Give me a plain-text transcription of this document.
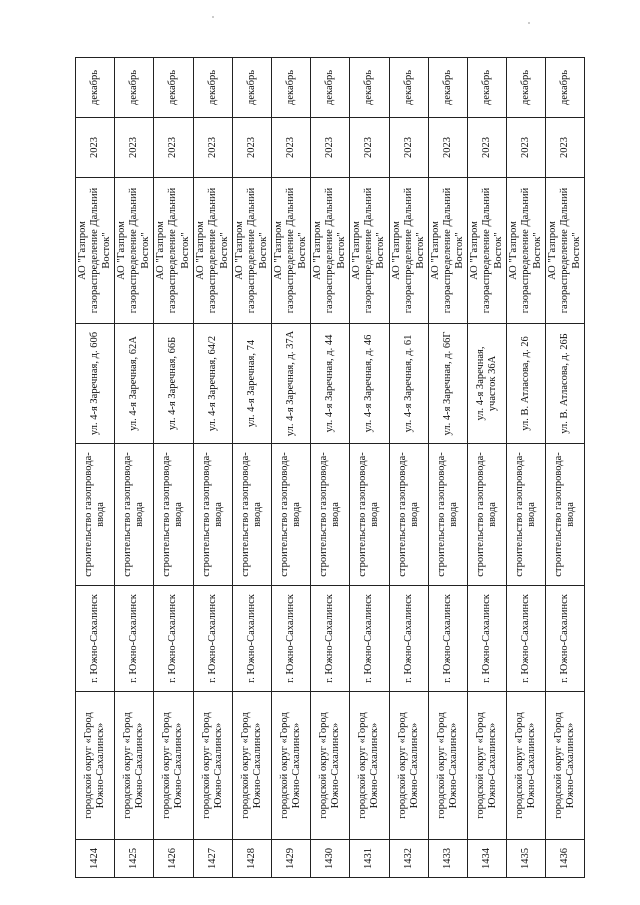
1424	городской округ «Город Южно-Сахалинск»	г. Южно-Сахалинск	строительство газопровода-ввода	ул. 4-я Заречная, д. 60б	АО "Газпром газораспределение Дальний Восток"	2023	декабрь
1425	городской округ «Город Южно-Сахалинск»	г. Южно-Сахалинск	строительство газопровода-ввода	ул. 4-я Заречная, 62А	АО "Газпром газораспределение Дальний Восток"	2023	декабрь
1426	городской округ «Город Южно-Сахалинск»	г. Южно-Сахалинск	строительство газопровода-ввода	ул. 4-я Заречная, 66Б	АО "Газпром газораспределение Дальний Восток"	2023	декабрь
1427	городской округ «Город Южно-Сахалинск»	г. Южно-Сахалинск	строительство газопровода-ввода	ул. 4-я Заречная, 64/2	АО "Газпром газораспределение Дальний Восток"	2023	декабрь
1428	городской округ «Город Южно-Сахалинск»	г. Южно-Сахалинск	строительство газопровода-ввода	ул. 4-я Заречная, 74	АО "Газпром газораспределение Дальний Восток"	2023	декабрь
1429	городской округ «Город Южно-Сахалинск»	г. Южно-Сахалинск	строительство газопровода-ввода	ул. 4-я Заречная, д. 37А	АО "Газпром газораспределение Дальний Восток"	2023	декабрь
1430	городской округ «Город Южно-Сахалинск»	г. Южно-Сахалинск	строительство газопровода-ввода	ул. 4-я Заречная, д. 44	АО "Газпром газораспределение Дальний Восток"	2023	декабрь
1431	городской округ «Город Южно-Сахалинск»	г. Южно-Сахалинск	строительство газопровода-ввода	ул. 4-я Заречная, д. 46	АО "Газпром газораспределение Дальний Восток"	2023	декабрь
1432	городской округ «Город Южно-Сахалинск»	г. Южно-Сахалинск	строительство газопровода-ввода	ул. 4-я Заречная, д. 61	АО "Газпром газораспределение Дальний Восток"	2023	декабрь
1433	городской округ «Город Южно-Сахалинск»	г. Южно-Сахалинск	строительство газопровода-ввода	ул. 4-я Заречная, д. 66Г	АО "Газпром газораспределение Дальний Восток"	2023	декабрь
1434	городской округ «Город Южно-Сахалинск»	г. Южно-Сахалинск	строительство газопровода-ввода	ул. 4-я Заречная, участок 36А	АО "Газпром газораспределение Дальний Восток"	2023	декабрь
1435	городской округ «Город Южно-Сахалинск»	г. Южно-Сахалинск	строительство газопровода-ввода	ул. В. Атласова, д. 26	АО "Газпром газораспределение Дальний Восток"	2023	декабрь
1436	городской округ «Город Южно-Сахалинск»	г. Южно-Сахалинск	строительство газопровода-ввода	ул. В. Атласова, д. 26Б	АО "Газпром газораспределение Дальний Восток"	2023	декабрь
